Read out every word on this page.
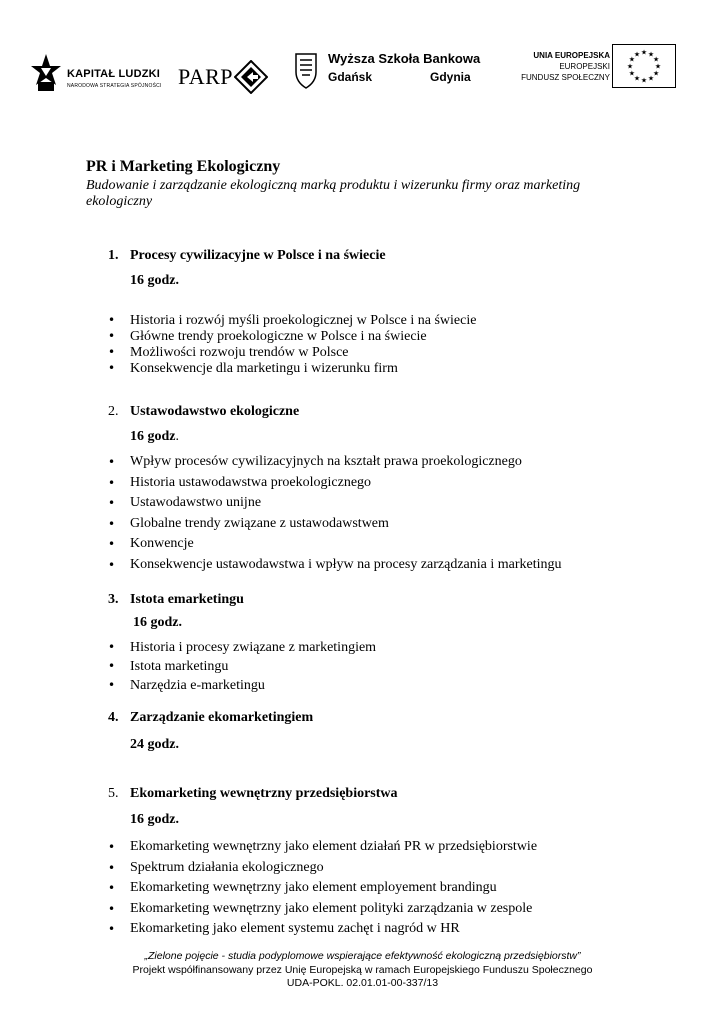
KAPITAŁ LUDZKI
NARODOWA STRATEGIA SPÓJNOŚCI PARP
Wyższa Szkoła Bankowa
Gdańsk	Gdynia
UNIA EUROPEJSKA
EUROPEJSKI
FUNDUSZ SPOŁECZNY
★ ★
★
★
★
★
★
★
★
★
★
★
PR i Marketing Ekologiczny
Budowanie i zarządzanie ekologiczną marką produktu i wizerunku firmy oraz marketing ekologiczny
1. Procesy cywilizacyjne w Polsce i na świecie
16 godz.
• Historia i rozwój myśli proekologicznej w Polsce i na świecie
• Główne trendy proekologiczne w Polsce i na świecie
• Możliwości rozwoju trendów w Polsce
• Konsekwencje dla marketingu i wizerunku firm
2. Ustawodawstwo ekologiczne
16 godz.
• Wpływ procesów cywilizacyjnych na kształt prawa proekologicznego
• Historia ustawodawstwa proekologicznego
• Ustawodawstwo unijne
• Globalne trendy związane z ustawodawstwem
• Konwencje
• Konsekwencje ustawodawstwa i wpływ na procesy zarządzania i marketingu
3. Istota emarketingu
16 godz.
• Historia i procesy związane z marketingiem
• Istota marketingu
• Narzędzia e-marketingu
4. Zarządzanie ekomarketingiem
24 godz.
5. Ekomarketing wewnętrzny przedsiębiorstwa
16 godz.
• Ekomarketing wewnętrzny jako element działań PR w przedsiębiorstwie
• Spektrum działania ekologicznego
• Ekomarketing wewnętrzny jako element employement brandingu
• Ekomarketing wewnętrzny jako element polityki zarządzania w zespole
• Ekomarketing jako element systemu zachęt i nagród w HR
„Zielone pojęcie - studia podyplomowe wspierające efektywność ekologiczną przedsiębiorstw”
Projekt współfinansowany przez Unię Europejską w ramach Europejskiego Funduszu Społecznego
UDA-POKL. 02.01.01-00-337/13
